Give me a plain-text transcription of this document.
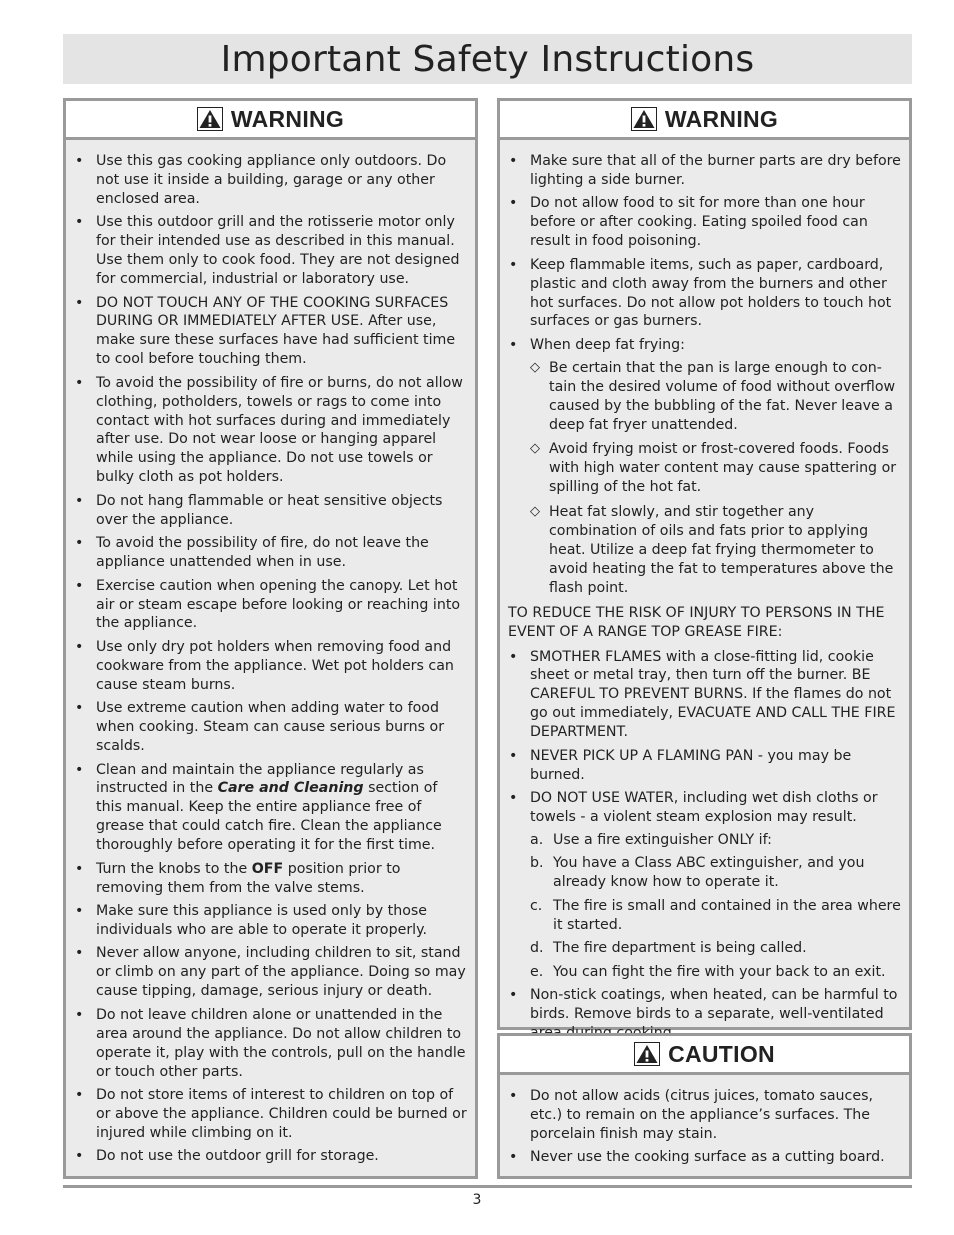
Important Safety Instructions
WARNING
• Use this gas cooking appliance only outdoors. Do not use it inside a building, garage or any other enclosed area.
• Use this outdoor grill and the rotisserie motor only for their intended use as described in this manual. Use them only to cook food. They are not designed for commercial, industrial or laboratory use.
• DO NOT TOUCH ANY OF THE COOKING SURFACES DURING OR IMMEDIATELY AFTER USE. After use, make sure these surfaces have had sufficient time to cool before touching them.
• To avoid the possibility of fire or burns, do not allow clothing, potholders, towels or rags to come into contact with hot surfaces during and immediately after use. Do not wear loose or hanging apparel while using the appliance. Do not use towels or bulky cloth as pot holders.
• Do not hang flammable or heat sensitive objects over the appliance.
• To avoid the possibility of fire, do not leave the appliance unattended when in use.
• Exercise caution when opening the canopy. Let hot air or steam escape before looking or reaching into the appliance.
• Use only dry pot holders when removing food and cookware from the appliance. Wet pot holders can cause steam burns.
• Use extreme caution when adding water to food when cooking. Steam can cause serious burns or scalds.
• Clean and maintain the appliance regularly as instructed in the Care and Cleaning section of this manual. Keep the entire appliance free of grease that could catch fire. Clean the appliance thoroughly before operating it for the first time.
• Turn the knobs to the OFF position prior to removing them from the valve stems.
• Make sure this appliance is used only by those individuals who are able to operate it properly.
• Never allow anyone, including children to sit, stand or climb on any part of the appliance. Doing so may cause tipping, damage, serious injury or death.
• Do not leave children alone or unattended in the area around the appliance. Do not allow children to operate it, play with the controls, pull on the handle or touch other parts.
• Do not store items of interest to children on top of or above the appliance. Children could be burned or injured while climbing on it.
• Do not use the outdoor grill for storage.
WARNING
• Make sure that all of the burner parts are dry before lighting a side burner.
• Do not allow food to sit for more than one hour before or after cooking. Eating spoiled food can result in food poisoning.
• Keep flammable items, such as paper, cardboard, plastic and cloth away from the burners and other hot surfaces. Do not allow pot holders to touch hot surfaces or gas burners.
• When deep fat frying:
◇ Be certain that the pan is large enough to con-tain the desired volume of food without overflow caused by the bubbling of the fat. Never leave a deep fat fryer unattended.
◇ Avoid frying moist or frost-covered foods. Foods with high water content may cause spattering or spilling of the hot fat.
◇ Heat fat slowly, and stir together any combination of oils and fats prior to applying heat. Utilize a deep fat frying thermometer to avoid heating the fat to temperatures above the flash point.

TO REDUCE THE RISK OF INJURY TO PERSONS IN THE EVENT OF A RANGE TOP GREASE FIRE:

• SMOTHER FLAMES with a close-fitting lid, cookie sheet or metal tray, then turn off the burner. BE CAREFUL TO PREVENT BURNS. If the flames do not go out immediately, EVACUATE AND CALL THE FIRE DEPARTMENT.
• NEVER PICK UP A FLAMING PAN - you may be burned.
• DO NOT USE WATER, including wet dish cloths or towels - a violent steam explosion may result.
a. Use a fire extinguisher ONLY if:
b. You have a Class ABC extinguisher, and you already know how to operate it.
c. The fire is small and contained in the area where it started.
d. The fire department is being called.
e. You can fight the fire with your back to an exit.
• Non-stick coatings, when heated, can be harmful to birds. Remove birds to a separate, well-ventilated
CAUTION
• Do not allow acids (citrus juices, tomato sauces, etc.) to remain on the appliance’s surfaces. The porcelain finish may stain.
• Never use the cooking surface as a cutting board.
3
